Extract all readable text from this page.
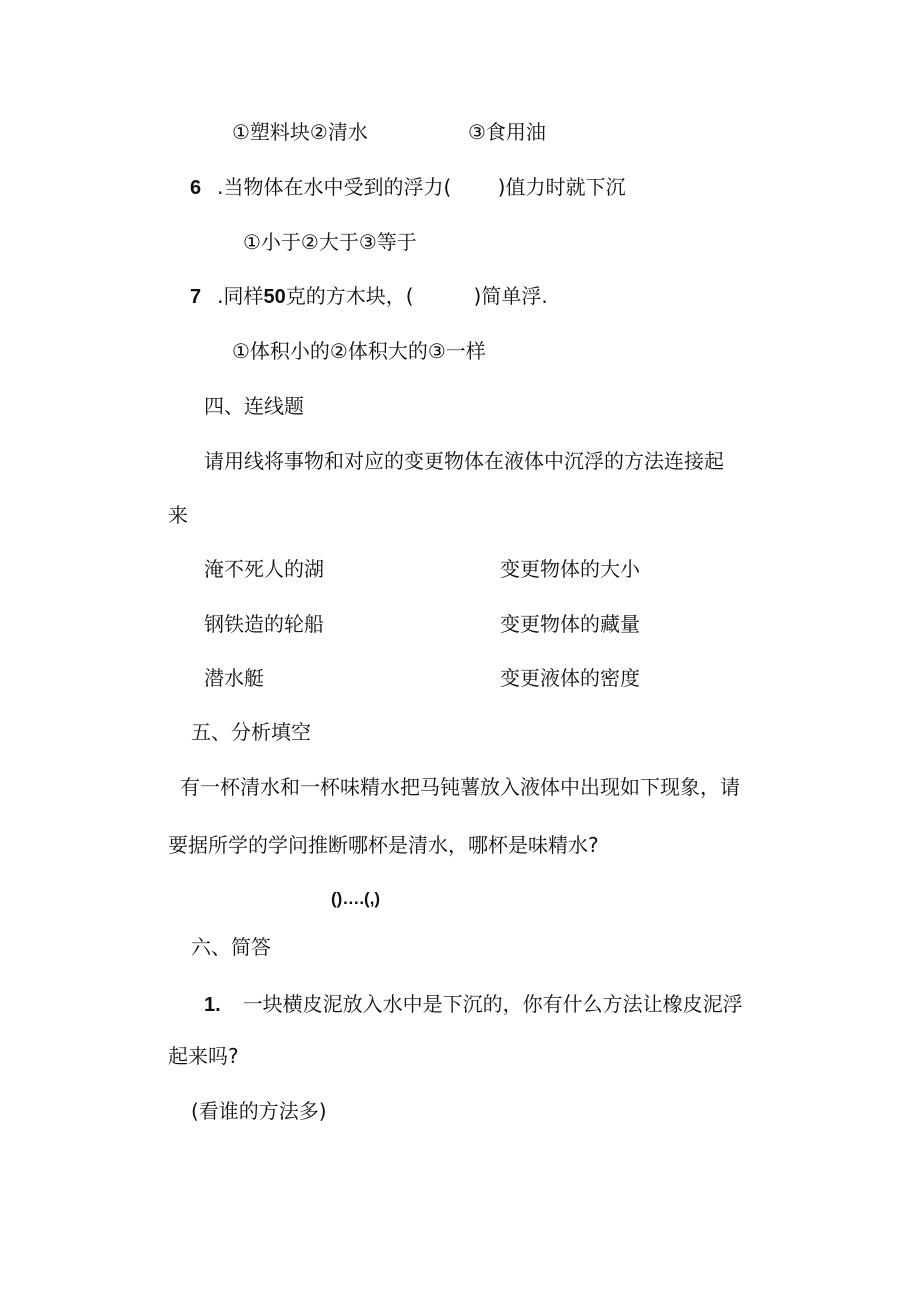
①塑料块②清水	③食用油
6 .当物体在水中受到的浮力(　　 )值力时就下沉
①小于②大于③等于
7 .同样50克的方木块，(　　　)简单浮.
①体积小的②体积大的③一样
四、连线题
请用线将事物和对应的变更物体在液体中沉浮的方法连接起
来
淹不死人的湖	变更物体的大小
钢铁造的轮船	变更物体的藏量
潜水艇	变更液体的密度
五、分析填空
有一杯清水和一杯味精水把马钝薯放入液体中出现如下现象，请
要据所学的学问推断哪杯是清水，哪杯是味精水?
()….(,)
六、简答
1. 一块横皮泥放入水中是下沉的，你有什么方法让橡皮泥浮
起来吗?
(看谁的方法多)
